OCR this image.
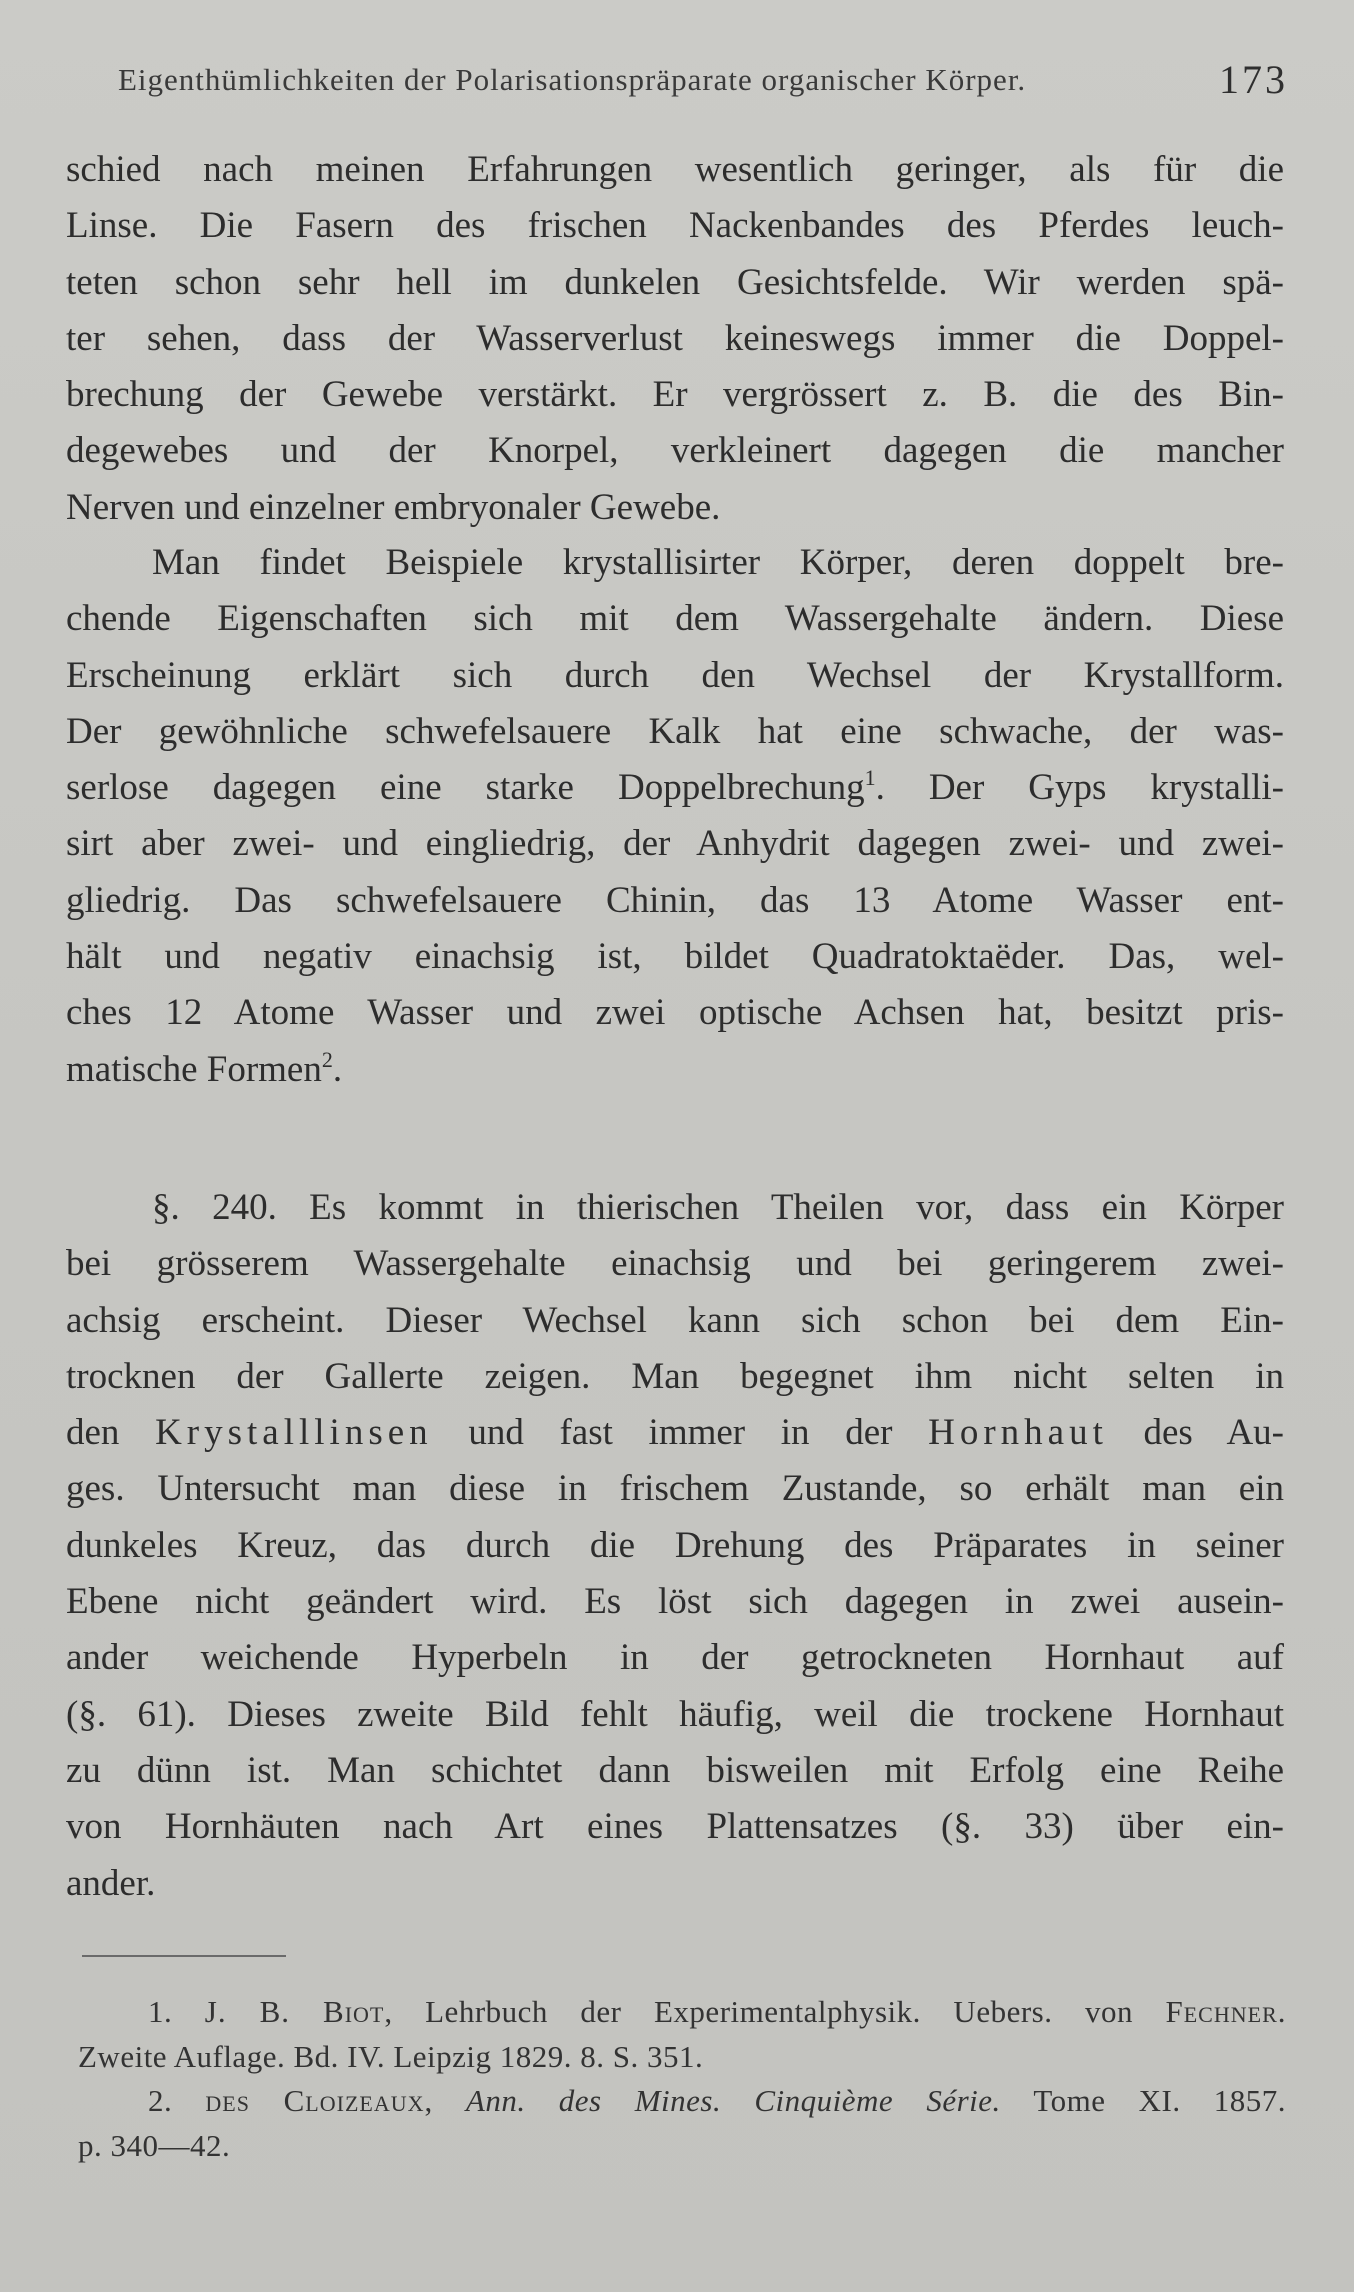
Eigenthümlichkeiten der Polarisationspräparate organischer Körper.	173
schied nach meinen Erfahrungen wesentlich geringer, als für die
Linse. Die Fasern des frischen Nackenbandes des Pferdes leuch-
teten schon sehr hell im dunkelen Gesichtsfelde. Wir werden spä-
ter sehen, dass der Wasserverlust keineswegs immer die Doppel-
brechung der Gewebe verstärkt. Er vergrössert z. B. die des Bin-
degewebes und der Knorpel, verkleinert dagegen die mancher
Nerven und einzelner embryonaler Gewebe.
Man findet Beispiele krystallisirter Körper, deren doppelt bre-
chende Eigenschaften sich mit dem Wassergehalte ändern. Diese
Erscheinung erklärt sich durch den Wechsel der Krystallform.
Der gewöhnliche schwefelsauere Kalk hat eine schwache, der was-
serlose dagegen eine starke Doppelbrechung$^1$. Der Gyps krystalli-
sirt aber zwei- und eingliedrig, der Anhydrit dagegen zwei- und zwei-
gliedrig. Das schwefelsauere Chinin, das 13 Atome Wasser ent-
hält und negativ einachsig ist, bildet Quadratoktaëder. Das, wel-
ches 12 Atome Wasser und zwei optische Achsen hat, besitzt pris-
matische Formen$^2$.
§. 240. Es kommt in thierischen Theilen vor, dass ein Körper
bei grösserem Wassergehalte einachsig und bei geringerem zwei-
achsig erscheint. Dieser Wechsel kann sich schon bei dem Ein-
trocknen der Gallerte zeigen. Man begegnet ihm nicht selten in
den Krystalllinsen und fast immer in der Hornhaut des Au-
ges. Untersucht man diese in frischem Zustande, so erhält man ein
dunkeles Kreuz, das durch die Drehung des Präparates in seiner
Ebene nicht geändert wird. Es löst sich dagegen in zwei ausein-
ander weichende Hyperbeln in der getrockneten Hornhaut auf
(§. 61). Dieses zweite Bild fehlt häufig, weil die trockene Hornhaut
zu dünn ist. Man schichtet dann bisweilen mit Erfolg eine Reihe
von Hornhäuten nach Art eines Plattensatzes (§. 33) über ein-
ander.
1. J. B. Biot, Lehrbuch der Experimentalphysik. Uebers. von Fechner.
Zweite Auflage. Bd. IV. Leipzig 1829. 8. S. 351.
2. des Cloizeaux, Ann. des Mines. Cinquième Série. Tome XI. 1857.
p. 340—42.
